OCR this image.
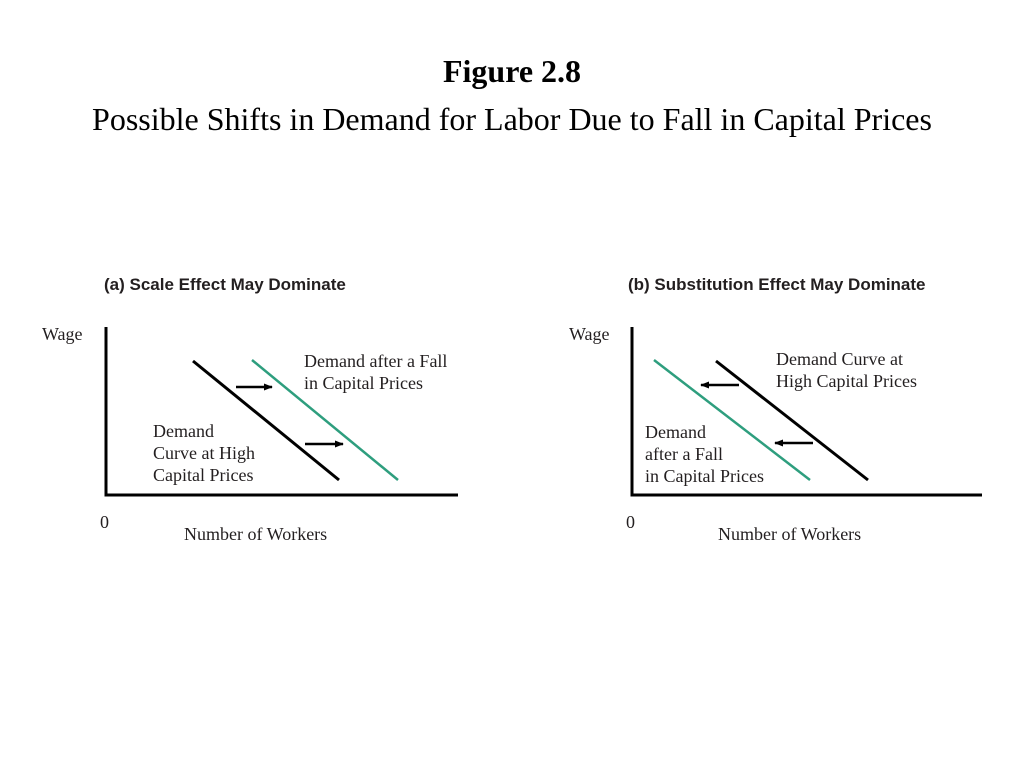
Figure 2.8
Possible Shifts in Demand for Labor Due to Fall in Capital Prices
(a) Scale Effect May Dominate
Wage
0
Number of Workers
Demand
Curve at High
Capital Prices
Demand after a Fall
in Capital Prices
(b) Substitution Effect May Dominate
Wage
0
Number of Workers
Demand Curve at
High Capital Prices
Demand
after a Fall
in Capital Prices
